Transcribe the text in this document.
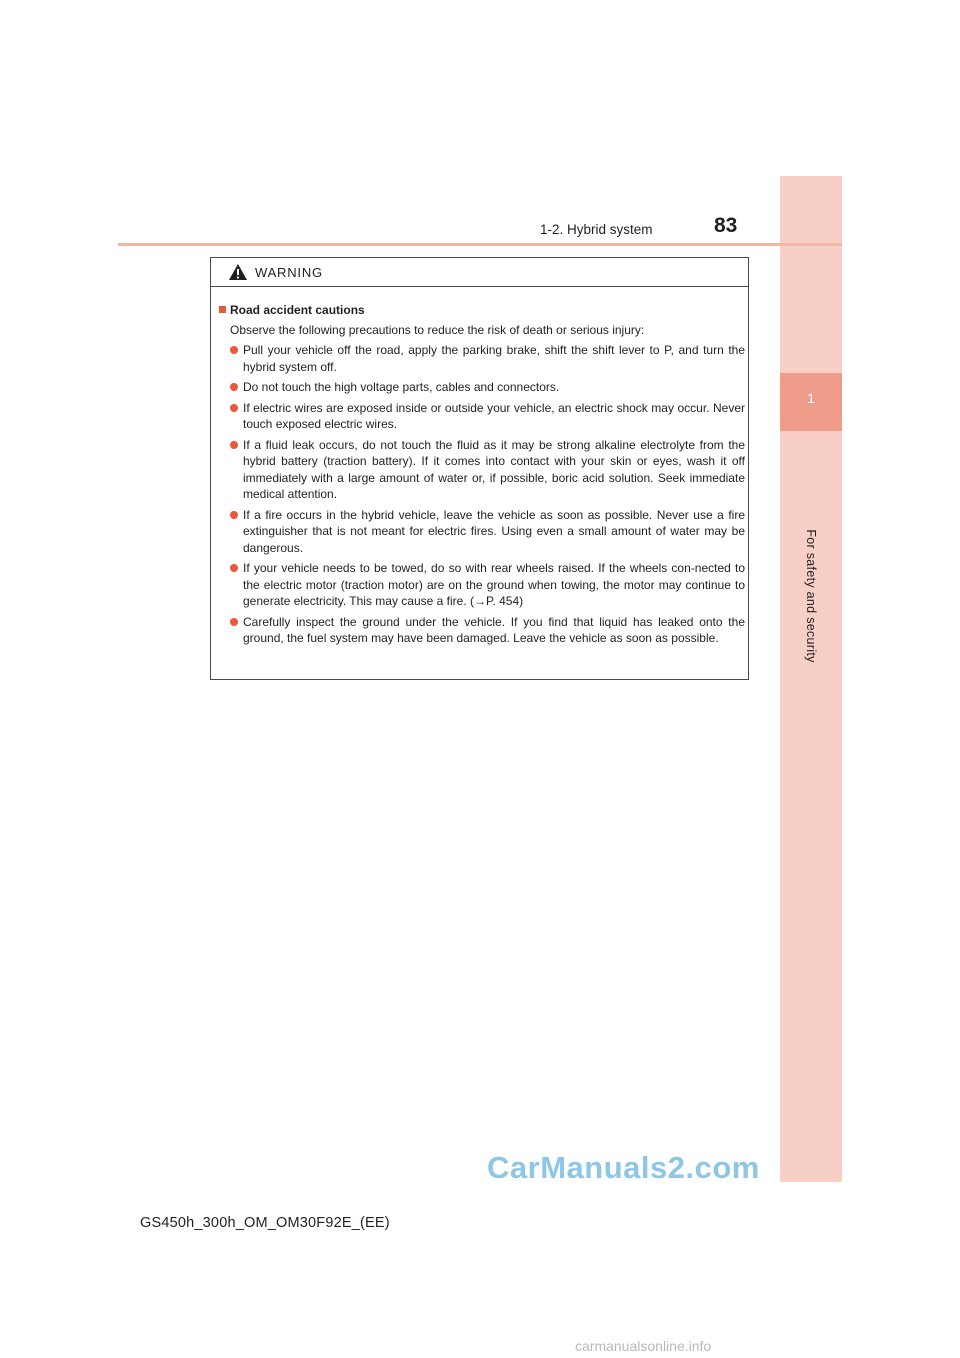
1
For safety and security
1-2. Hybrid system	83
WARNING
Road accident cautions
Observe the following precautions to reduce the risk of death or serious injury:
Pull your vehicle off the road, apply the parking brake, shift the shift lever to P, and turn the hybrid system off.
Do not touch the high voltage parts, cables and connectors.
If electric wires are exposed inside or outside your vehicle, an electric shock may occur. Never touch exposed electric wires.
If a fluid leak occurs, do not touch the fluid as it may be strong alkaline electrolyte from the hybrid battery (traction battery). If it comes into contact with your skin or eyes, wash it off immediately with a large amount of water or, if possible, boric acid solution. Seek immediate medical attention.
If a fire occurs in the hybrid vehicle, leave the vehicle as soon as possible. Never use a fire extinguisher that is not meant for electric fires. Using even a small amount of water may be dangerous.
If your vehicle needs to be towed, do so with rear wheels raised. If the wheels con-nected to the electric motor (traction motor) are on the ground when towing, the motor may continue to generate electricity. This may cause a fire. (→P. 454)
Carefully inspect the ground under the vehicle. If you find that liquid has leaked onto the ground, the fuel system may have been damaged. Leave the vehicle as soon as possible.
CarManuals2.com
GS450h_300h_OM_OM30F92E_(EE)
carmanualsonline.info
